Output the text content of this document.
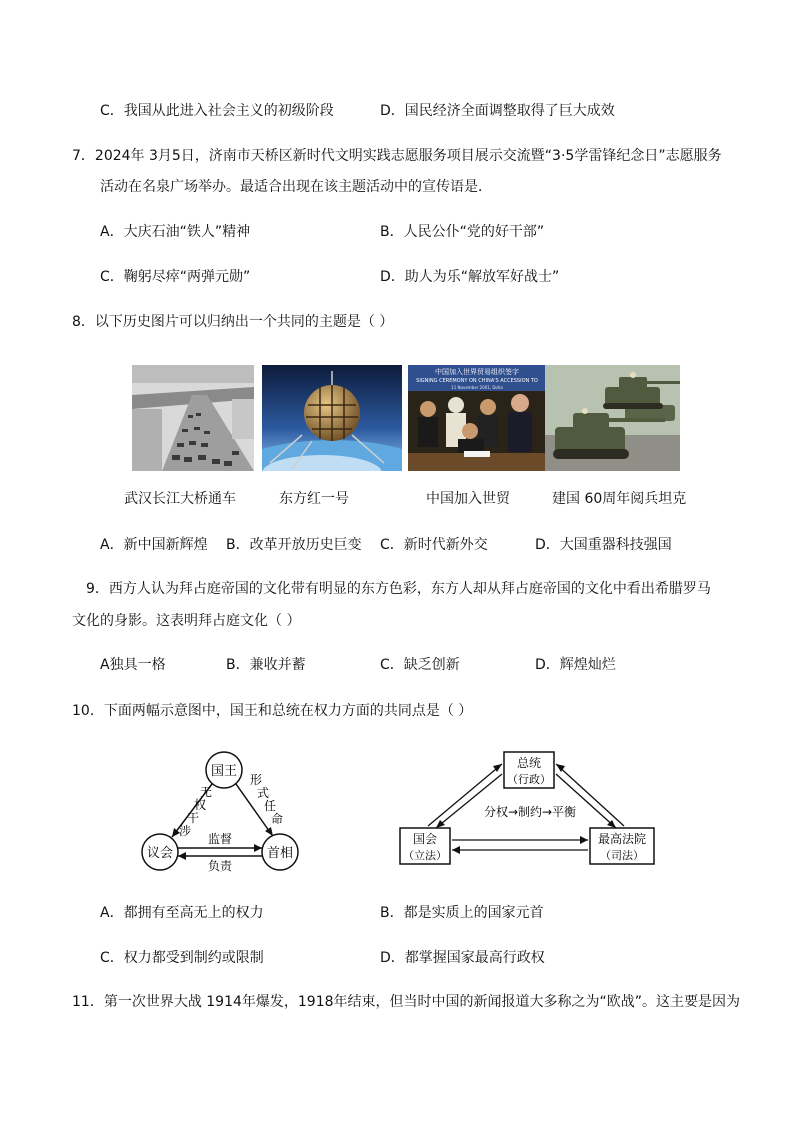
C．我国从此进入社会主义的初级阶段	D．国民经济全面调整取得了巨大成效
7．2024年 3月5日，济南市天桥区新时代文明实践志愿服务项目展示交流暨“3·5学雷锋纪念日”志愿服务
活动在名泉广场举办。最适合出现在该主题活动中的宣传语是．
A．大庆石油“铁人”精神	B．人民公仆“党的好干部”
C．鞠躬尽瘁“两弹元勋”	D．助人为乐“解放军好战士”
8．以下历史图片可以归纳出一个共同的主题是（ ）
中国加入世界贸易组织签字
SIGNING CEREMONY ON CHINA'S ACCESSION TO
11 November 2001, Doha
武汉长江大桥通车	东方红一号	中国加入世贸	建国 60周年阅兵坦克
A．新中国新辉煌 B．改革开放历史巨变 C．新时代新外交	D．大国重器科技强国
9．西方人认为拜占庭帝国的文化带有明显的东方色彩，东方人却从拜占庭帝国的文化中看出希腊罗马
文化的身影。这表明拜占庭文化（ ）
A独具一格	B．兼收并蓄	C．缺乏创新	D．辉煌灿烂
10．下面两幅示意图中，国王和总统在权力方面的共同点是（ ）
国王
议会	首相
无
权
干
涉
形
式
任
命
监督
负责
总统
（行政）
国会
（立法）
最高法院
（司法）
分权→制约→平衡
A．都拥有至高无上的权力	B．都是实质上的国家元首
C．权力都受到制约或限制	D．都掌握国家最高行政权
11．第一次世界大战 1914年爆发，1918年结束，但当时中国的新闻报道大多称之为“欧战”。这主要是因为
